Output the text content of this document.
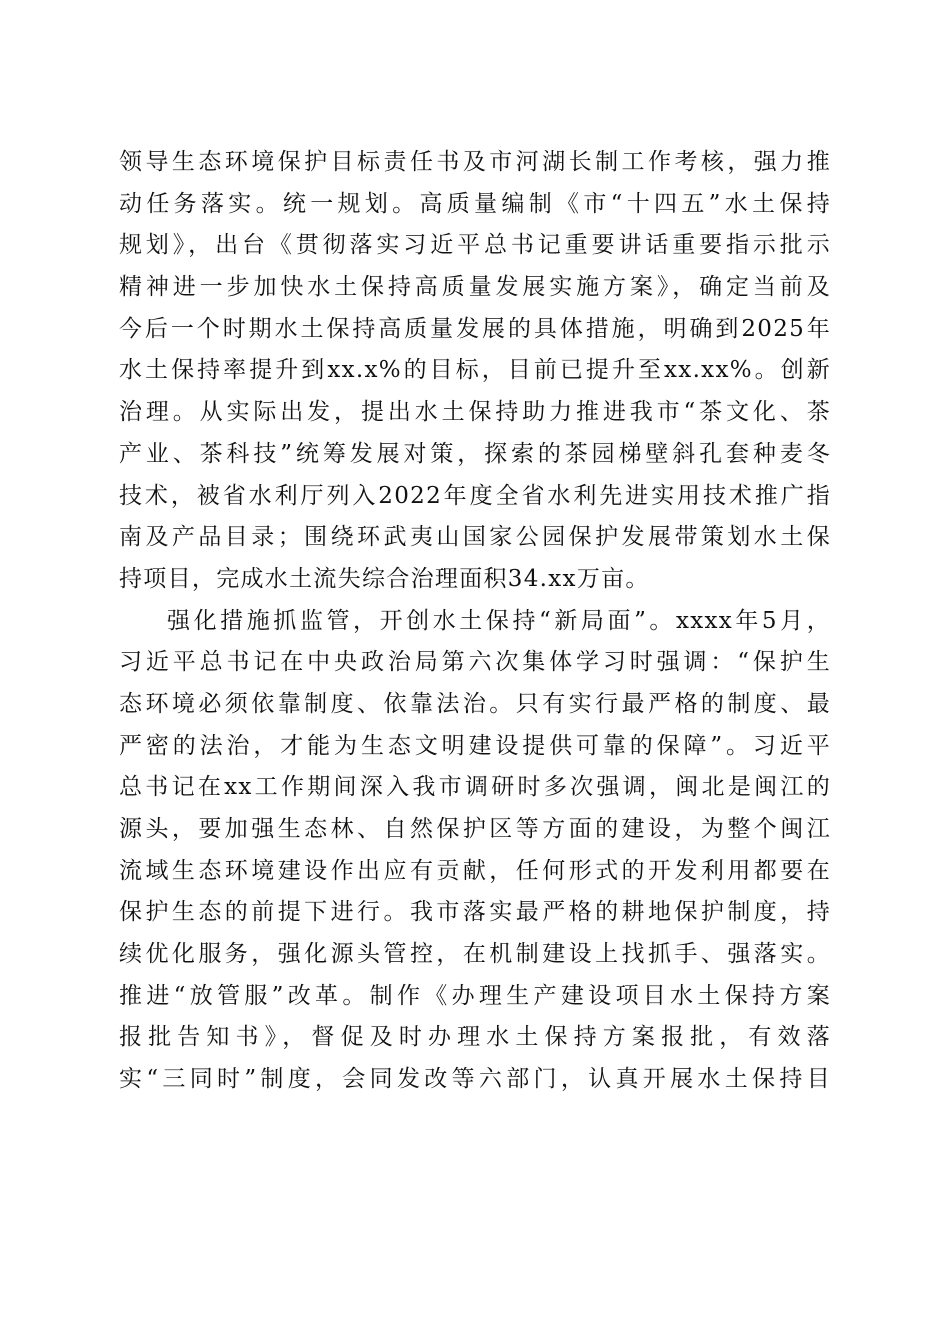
领导生态环境保护目标责任书及市河湖长制工作考核，强力推
动任务落实。统一规划。高质量编制《市“十四五”水土保持
规划》，出台《贯彻落实习近平总书记重要讲话重要指示批示
精神进一步加快水土保持高质量发展实施方案》，确定当前及
今后一个时期水土保持高质量发展的具体措施，明确到2025年
水土保持率提升到xx.x%的目标，目前已提升至xx.xx%。创新
治理。从实际出发，提出水土保持助力推进我市“茶文化、茶
产业、茶科技”统筹发展对策，探索的茶园梯壁斜孔套种麦冬
技术，被省水利厅列入2022年度全省水利先进实用技术推广指
南及产品目录；围绕环武夷山国家公园保护发展带策划水土保
持项目，完成水土流失综合治理面积34.xx万亩。
强化措施抓监管，开创水土保持“新局面”。xxxx年5月，
习近平总书记在中央政治局第六次集体学习时强调：“保护生
态环境必须依靠制度、依靠法治。只有实行最严格的制度、最
严密的法治，才能为生态文明建设提供可靠的保障”。习近平
总书记在xx工作期间深入我市调研时多次强调，闽北是闽江的
源头，要加强生态林、自然保护区等方面的建设，为整个闽江
流域生态环境建设作出应有贡献，任何形式的开发利用都要在
保护生态的前提下进行。我市落实最严格的耕地保护制度，持
续优化服务，强化源头管控，在机制建设上找抓手、强落实。
推进“放管服”改革。制作《办理生产建设项目水土保持方案
报批告知书》，督促及时办理水土保持方案报批，有效落
实“三同时”制度，会同发改等六部门，认真开展水土保持目
